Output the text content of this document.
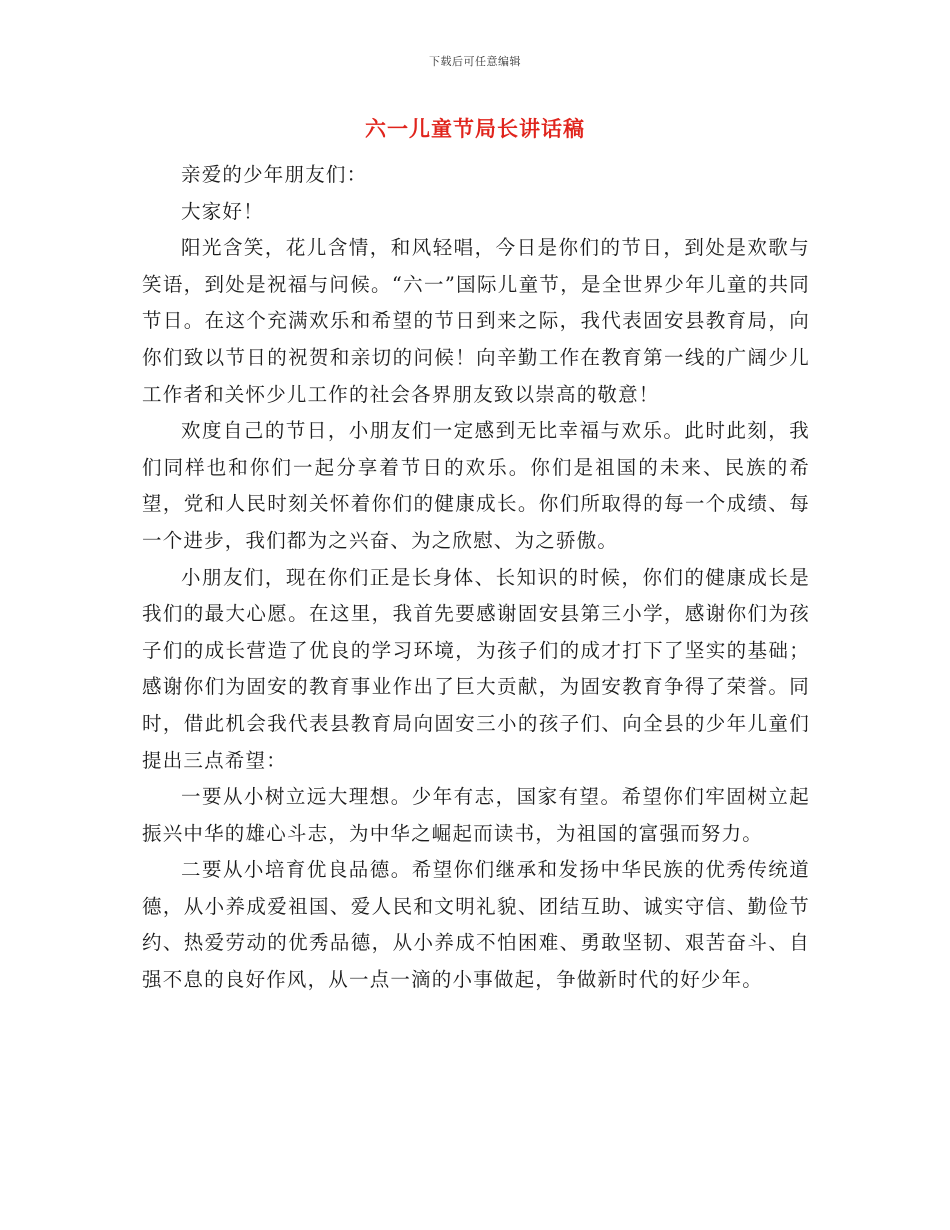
下载后可任意编辑
六一儿童节局长讲话稿

亲爱的少年朋友们：

大家好！

阳光含笑，花儿含情，和风轻唱，今日是你们的节日，到处是欢歌与笑语，到处是祝福与问候。“六一”国际儿童节，是全世界少年儿童的共同节日。在这个充满欢乐和希望的节日到来之际，我代表固安县教育局，向你们致以节日的祝贺和亲切的问候！向辛勤工作在教育第一线的广阔少儿工作者和关怀少儿工作的社会各界朋友致以崇高的敬意！

欢度自己的节日，小朋友们一定感到无比幸福与欢乐。此时此刻，我们同样也和你们一起分享着节日的欢乐。你们是祖国的未来、民族的希望，党和人民时刻关怀着你们的健康成长。你们所取得的每一个成绩、每一个进步，我们都为之兴奋、为之欣慰、为之骄傲。

小朋友们，现在你们正是长身体、长知识的时候，你们的健康成长是我们的最大心愿。在这里，我首先要感谢固安县第三小学，感谢你们为孩子们的成长营造了优良的学习环境，为孩子们的成才打下了坚实的基础；感谢你们为固安的教育事业作出了巨大贡献，为固安教育争得了荣誉。同时，借此机会我代表县教育局向固安三小的孩子们、向全县的少年儿童们提出三点希望：

一要从小树立远大理想。少年有志，国家有望。希望你们牢固树立起振兴中华的雄心斗志，为中华之崛起而读书，为祖国的富强而努力。

二要从小培育优良品德。希望你们继承和发扬中华民族的优秀传统道德，从小养成爱祖国、爱人民和文明礼貌、团结互助、诚实守信、勤俭节约、热爱劳动的优秀品德，从小养成不怕困难、勇敢坚韧、艰苦奋斗、自强不息的良好作风，从一点一滴的小事做起，争做新时代的好少年。
